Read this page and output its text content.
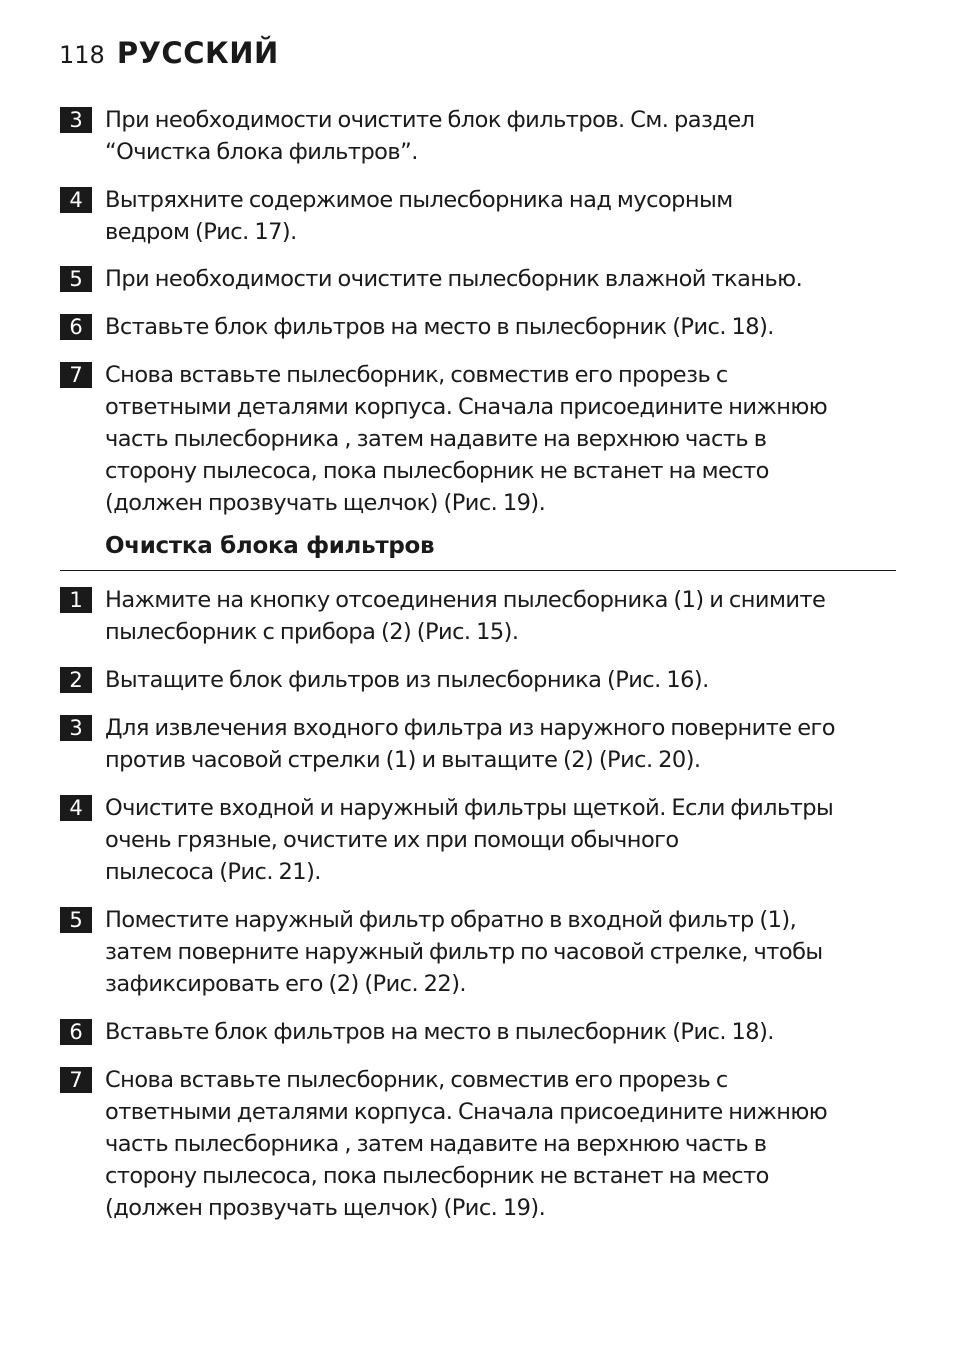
118 РУССКИЙ
3 При необходимости очистите блок фильтров. См. раздел
“Очистка блока фильтров”.
4 Вытряхните содержимое пылесборника над мусорным
ведром (Рис. 17).
5 При необходимости очистите пылесборник влажной тканью.
6 Вставьте блок фильтров на место в пылесборник (Рис. 18).
7 Снова вставьте пылесборник, совместив его прорезь с
ответными деталями корпуса. Сначала присоедините нижнюю
часть пылесборника , затем надавите на верхнюю часть в
сторону пылесоса, пока пылесборник не встанет на место
(должен прозвучать щелчок) (Рис. 19).
Очистка блока фильтров
1 Нажмите на кнопку отсоединения пылесборника (1) и снимите
пылесборник с прибора (2) (Рис. 15).
2 Вытащите блок фильтров из пылесборника (Рис. 16).
3 Для извлечения входного фильтра из наружного поверните его
против часовой стрелки (1) и вытащите (2) (Рис. 20).
4 Очистите входной и наружный фильтры щеткой. Если фильтры
очень грязные, очистите их при помощи обычного
пылесоса (Рис. 21).
5 Поместите наружный фильтр обратно в входной фильтр (1),
затем поверните наружный фильтр по часовой стрелке, чтобы
зафиксировать его (2) (Рис. 22).
6 Вставьте блок фильтров на место в пылесборник (Рис. 18).
7 Снова вставьте пылесборник, совместив его прорезь с
ответными деталями корпуса. Сначала присоедините нижнюю
часть пылесборника , затем надавите на верхнюю часть в
сторону пылесоса, пока пылесборник не встанет на место
(должен прозвучать щелчок) (Рис. 19).
